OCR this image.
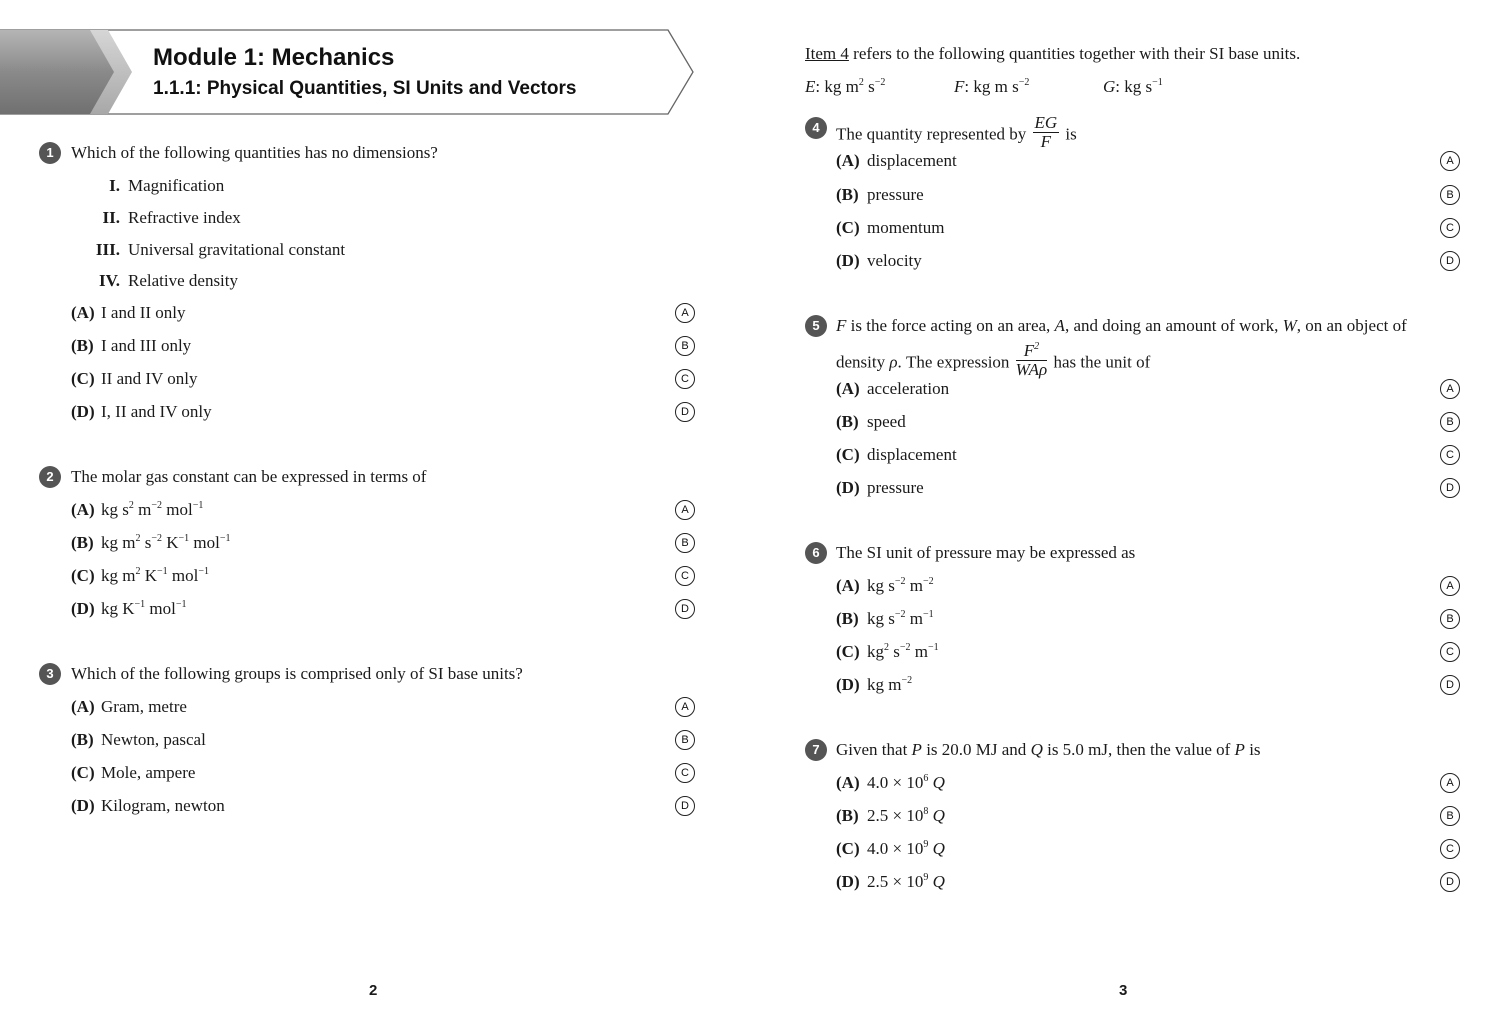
Module 1: Mechanics
1.1.1: Physical Quantities, SI Units and Vectors
1	Which of the following quantities has no dimensions?
I. Magnification
II. Refractive index
III. Universal gravitational constant
IV. Relative density
(A) I and II only	A
(B) I and III only	B
(C) II and IV only	C
(D) I, II and IV only	D
2	The molar gas constant can be expressed in terms of
(A) kg $s^2$ $m^{-2}$ mol$^{-1}$	A
(B) kg $m^2$ $s^{-2}$ $K^{-1}$ mol$^{-1}$	B
(C) kg $m^2$ $K^{-1}$ mol$^{-1}$	C
(D) kg $K^{-1}$ mol$^{-1}$	D
3	Which of the following groups is comprised only of SI base units?
(A) Gram, metre	A
(B) Newton, pascal	B
(C) Mole, ampere	C
(D) Kilogram, newton	D
2
Item 4 refers to the following quantities together with their SI base units.
E: kg $m^2$ $s^{-2}$	F: kg m $s^{-2}$	G: kg $s^{-1}$
4 The quantity represented by $\frac{EG}{F}$ is
(A) displacement	A
(B) pressure	B
(C) momentum	C
(D) velocity	D
5 F is the force acting on an area, A, and doing an amount of work, W, on an object of
density ρ. The expression $\frac{F^2}{\text{WAρ}}$ has the unit of
(A) acceleration	A
(B) speed	B
(C) displacement	C
(D) pressure	D
6 The SI unit of pressure may be expressed as
(A) kg $s^{-2}$ $m^{-2}$	A
(B) kg $s^{-2}$ $m^{-1}$	B
(C) $kg^2$ $s^{-2}$ $m^{-1}$	C
(D) kg $m^{-2}$	D
7 Given that P is 20.0 MJ and Q is 5.0 mJ, then the value of P is
(A) $4.0 \times 10^6$ Q	A
(B) $2.5 \times 10^8$ Q	B
(C) $4.0 \times 10^9$ Q	C
(D) $2.5 \times 10^9$ Q	D
3
